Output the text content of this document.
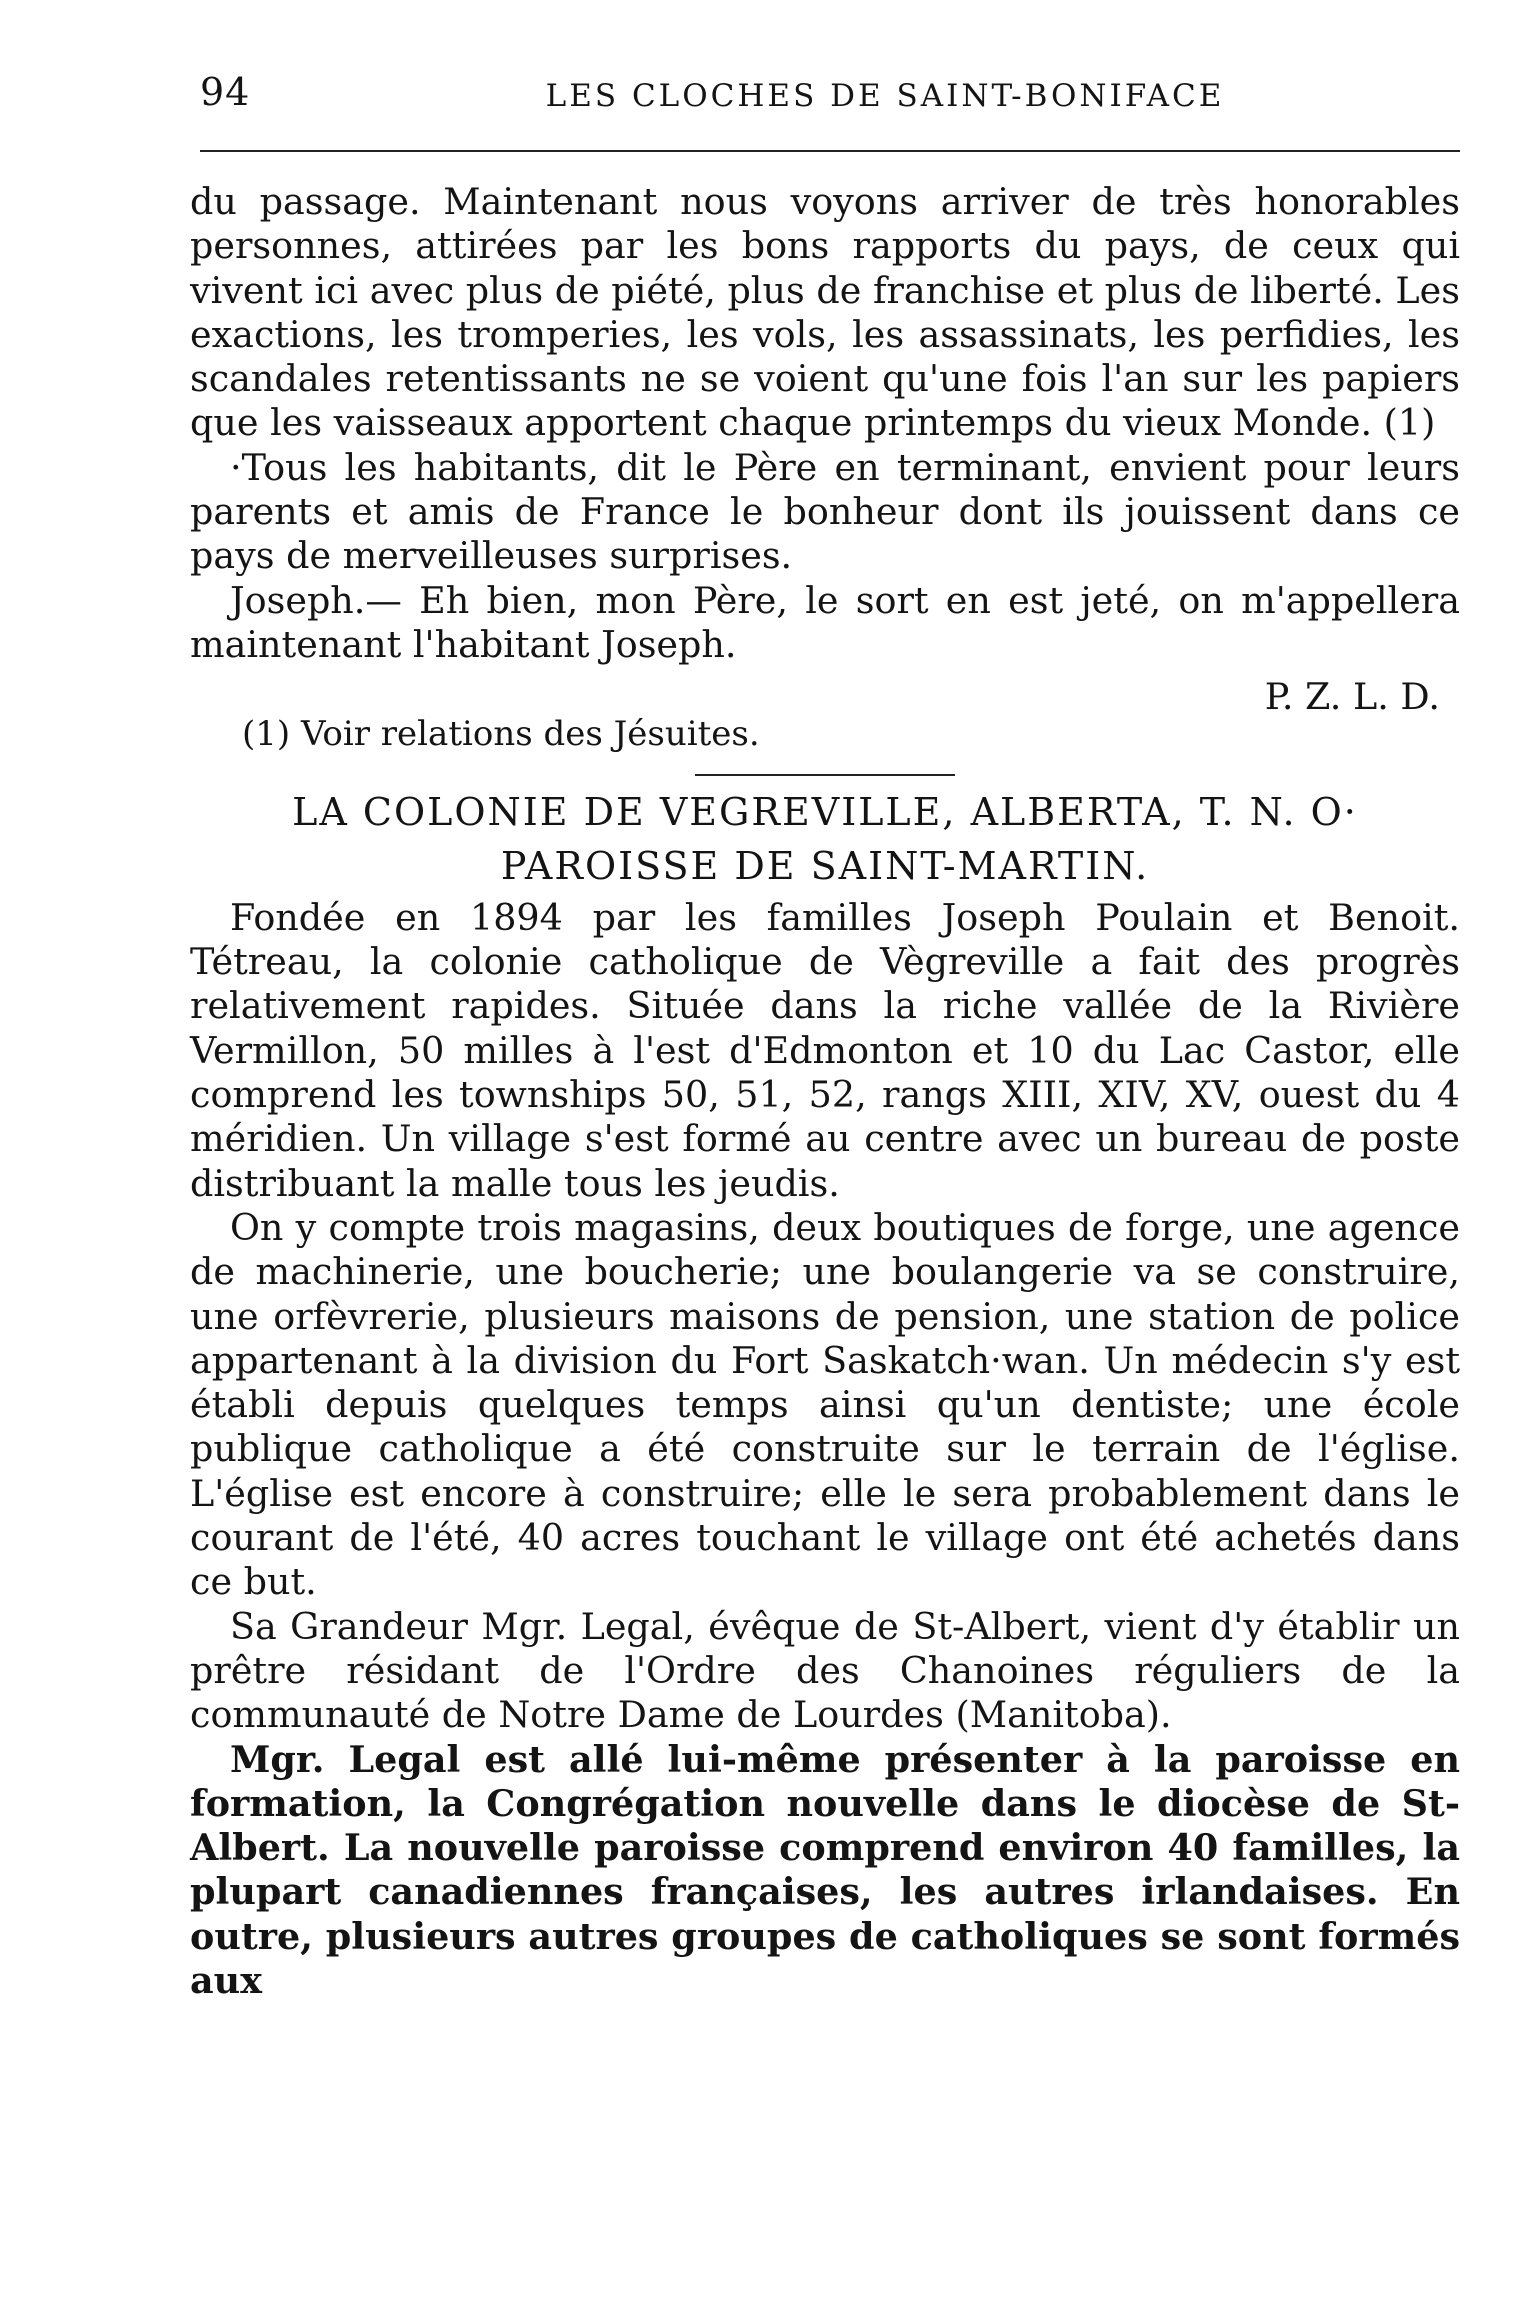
94	LES CLOCHES DE SAINT-BONIFACE

du passage. Maintenant nous voyons arriver de très honorables personnes, attirées par les bons rapports du pays, de ceux qui vivent ici avec plus de piété, plus de franchise et plus de liberté. Les exactions, les tromperies, les vols, les assassinats, les perfidies, les scandales retentissants ne se voient qu'une fois l'an sur les papiers que les vaisseaux apportent chaque printemps du vieux Monde. (1)

·Tous les habitants, dit le Père en terminant, envient pour leurs parents et amis de France le bonheur dont ils jouissent dans ce pays de merveilleuses surprises.

Joseph.— Eh bien, mon Père, le sort en est jeté, on m'appellera maintenant l'habitant Joseph.

P. Z. L. D.

(1) Voir relations des Jésuites.

LA COLONIE DE VEGREVILLE, ALBERTA, T. N. O·

PAROISSE DE SAINT-MARTIN.

Fondée en 1894 par les familles Joseph Poulain et Benoit. Tétreau, la colonie catholique de Vègreville a fait des progrès relativement rapides. Située dans la riche vallée de la Rivière Vermillon, 50 milles à l'est d'Edmonton et 10 du Lac Castor, elle comprend les townships 50, 51, 52, rangs XIII, XIV, XV, ouest du 4 méridien. Un village s'est formé au centre avec un bureau de poste distribuant la malle tous les jeudis.

On y compte trois magasins, deux boutiques de forge, une agence de machinerie, une boucherie; une boulangerie va se construire, une orfèvrerie, plusieurs maisons de pension, une station de police appartenant à la division du Fort Saskatch·wan. Un médecin s'y est établi depuis quelques temps ainsi qu'un dentiste; une école publique catholique a été construite sur le terrain de l'église. L'église est encore à construire; elle le sera probablement dans le courant de l'été, 40 acres touchant le village ont été achetés dans ce but.

Sa Grandeur Mgr. Legal, évêque de St-Albert, vient d'y établir un prêtre résidant de l'Ordre des Chanoines réguliers de la communauté de Notre Dame de Lourdes (Manitoba).

Mgr. Legal est allé lui-même présenter à la paroisse en formation, la Congrégation nouvelle dans le diocèse de St-Albert. La nouvelle paroisse comprend environ 40 familles, la plupart canadiennes françaises, les autres irlandaises. En outre, plusieurs autres groupes de catholiques se sont formés aux
